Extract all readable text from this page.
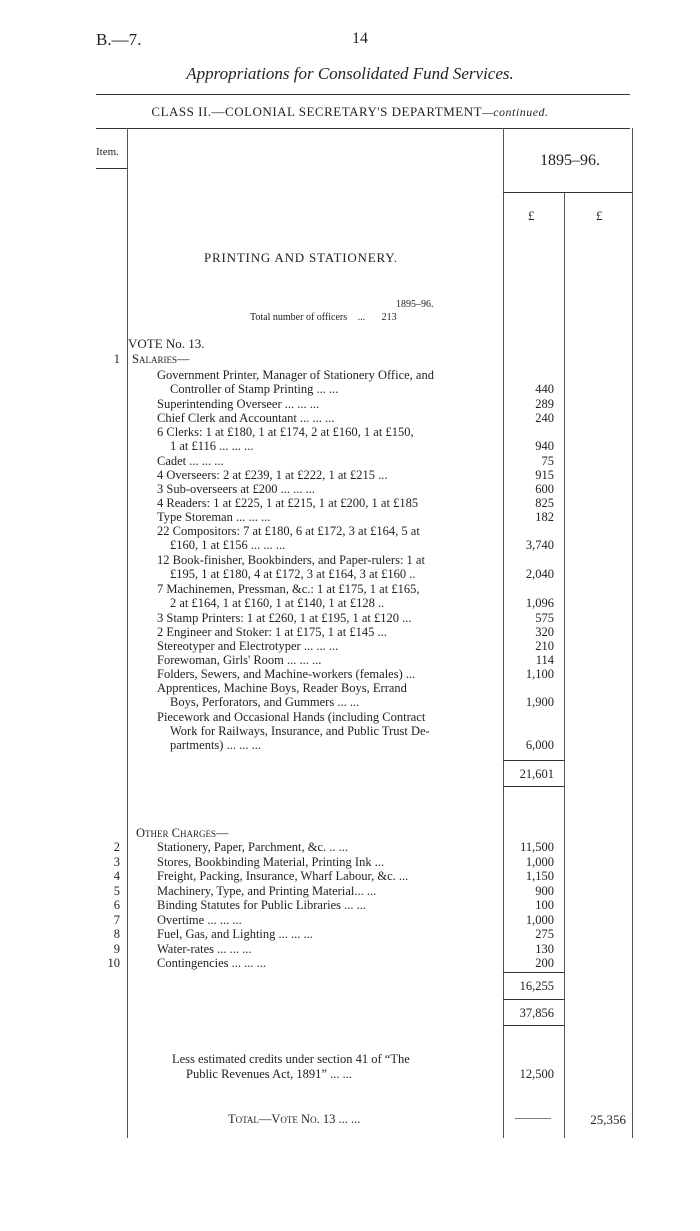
B.—7.	14
Appropriations for Consolidated Fund Services.
CLASS II.—COLONIAL SECRETARY'S DEPARTMENT—continued.
Item.	1895–96.
£	£
PRINTING AND STATIONERY.
1895–96.
Total number of officers ... 213
VOTE No. 13.
1 Salaries—
Government Printer, Manager of Stationery Office, and
Controller of Stamp Printing ... ...	440
Superintending Overseer ... ... ...	289
Chief Clerk and Accountant ... ... ...	240
6 Clerks: 1 at £180, 1 at £174, 2 at £160, 1 at £150,
1 at £116 ... ... ...	940
Cadet ... ... ...	75
4 Overseers: 2 at £239, 1 at £222, 1 at £215 ...	915
3 Sub-overseers at £200 ... ... ...	600
4 Readers: 1 at £225, 1 at £215, 1 at £200, 1 at £185	825
Type Storeman ... ... ...	182
22 Compositors: 7 at £180, 6 at £172, 3 at £164, 5 at
£160, 1 at £156 ... ... ...	3,740
12 Book-finisher, Bookbinders, and Paper-rulers: 1 at
£195, 1 at £180, 4 at £172, 3 at £164, 3 at £160 ..	2,040
7 Machinemen, Pressman, &c.: 1 at £175, 1 at £165,
2 at £164, 1 at £160, 1 at £140, 1 at £128 ..	1,096
3 Stamp Printers: 1 at £260, 1 at £195, 1 at £120 ...	575
2 Engineer and Stoker: 1 at £175, 1 at £145 ...	320
Stereotyper and Electrotyper ... ... ...	210
Forewoman, Girls' Room ... ... ...	114
Folders, Sewers, and Machine-workers (females) ...	1,100
Apprentices, Machine Boys, Reader Boys, Errand
Boys, Perforators, and Gummers ... ...	1,900
Piecework and Occasional Hands (including Contract
Work for Railways, Insurance, and Public Trust De-
partments) ... ... ...	6,000
21,601
Other Charges—
2	Stationery, Paper, Parchment, &c. .. ...	11,500
3	Stores, Bookbinding Material, Printing Ink ...	1,000
4	Freight, Packing, Insurance, Wharf Labour, &c. ...	1,150
5	Machinery, Type, and Printing Material... ...	900
6	Binding Statutes for Public Libraries ... ...	100
7	Overtime ... ... ...	1,000
8	Fuel, Gas, and Lighting ... ... ...	275
9	Water-rates ... ... ...	130
10	Contingencies ... ... ...	200
16,255
37,856
Less estimated credits under section 41 of “The
Public Revenues Act, 1891” ... ...	12,500
Total—Vote No. 13 ... ...	———	25,356
